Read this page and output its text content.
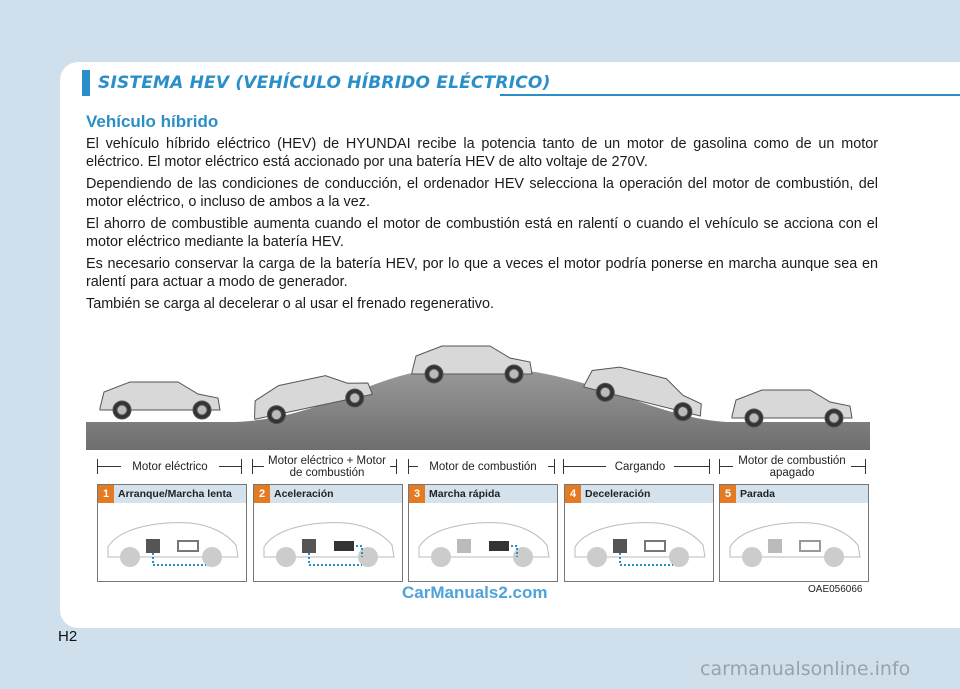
SISTEMA HEV (VEHÍCULO HÍBRIDO ELÉCTRICO)
Vehículo híbrido

El vehículo híbrido eléctrico (HEV) de HYUNDAI recibe la potencia tanto de un motor de gasolina como de un motor eléctrico. El motor eléctrico está accionado por una batería HEV de alto voltaje de 270V.

Dependiendo de las condiciones de conducción, el ordenador HEV selecciona la operación del motor de combustión, del motor eléctrico, o incluso de ambos a la vez.

El ahorro de combustible aumenta cuando el motor de combustión está en ralentí o cuando el vehículo se acciona con el motor eléctrico mediante la batería HEV.

Es necesario conservar la carga de la batería HEV, por lo que a veces el motor podría ponerse en marcha aunque sea en ralentí para actuar a modo de generador.

También se carga al decelerar o al usar el frenado regenerativo.

Motor eléctrico	Motor eléctrico + Motor de combustión	Motor de combustión	Cargando	Motor de combustión apagado
1 Arranque/Marcha lenta	2 Aceleración	3 Marcha rápida	4 Deceleración	5 Parada
CarManuals2.com	OAE056066
H2
carmanualsonline.info
